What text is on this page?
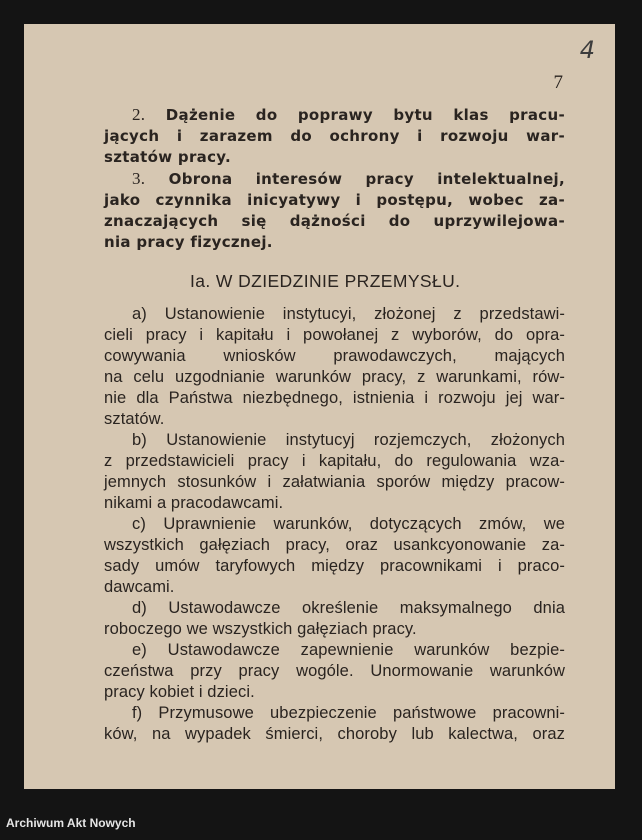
4
7
2. Dążenie do poprawy bytu klas pracu-
jących i zarazem do ochrony i rozwoju war-
sztatów pracy.
3. Obrona interesów pracy intelektualnej,
jako czynnika inicyatywy i postępu, wobec za-
znaczających się dążności do uprzywilejowa-
nia pracy fizycznej.
Ia. W DZIEDZINIE PRZEMYSŁU.
a) Ustanowienie instytucyi, złożonej z przedstawi-
cieli pracy i kapitału i powołanej z wyborów, do opra-
cowywania wniosków prawodawczych, mających
na celu uzgodnianie warunków pracy, z warunkami, rów-
nie dla Państwa niezbędnego, istnienia i rozwoju jej war-
sztatów.
b) Ustanowienie instytucyj rozjemczych, złożonych
z przedstawicieli pracy i kapitału, do regulowania wza-
jemnych stosunków i załatwiania sporów między pracow-
nikami a pracodawcami.
c) Uprawnienie warunków, dotyczących zmów, we
wszystkich gałęziach pracy, oraz usankcyonowanie za-
sady umów taryfowych między pracownikami i praco-
dawcami.
d) Ustawodawcze określenie maksymalnego dnia
roboczego we wszystkich gałęziach pracy.
e) Ustawodawcze zapewnienie warunków bezpie-
czeństwa przy pracy wogóle. Unormowanie warunków
pracy kobiet i dzieci.
f) Przymusowe ubezpieczenie państwowe pracowni-
ków, na wypadek śmierci, choroby lub kalectwa, oraz
Archiwum Akt Nowych
